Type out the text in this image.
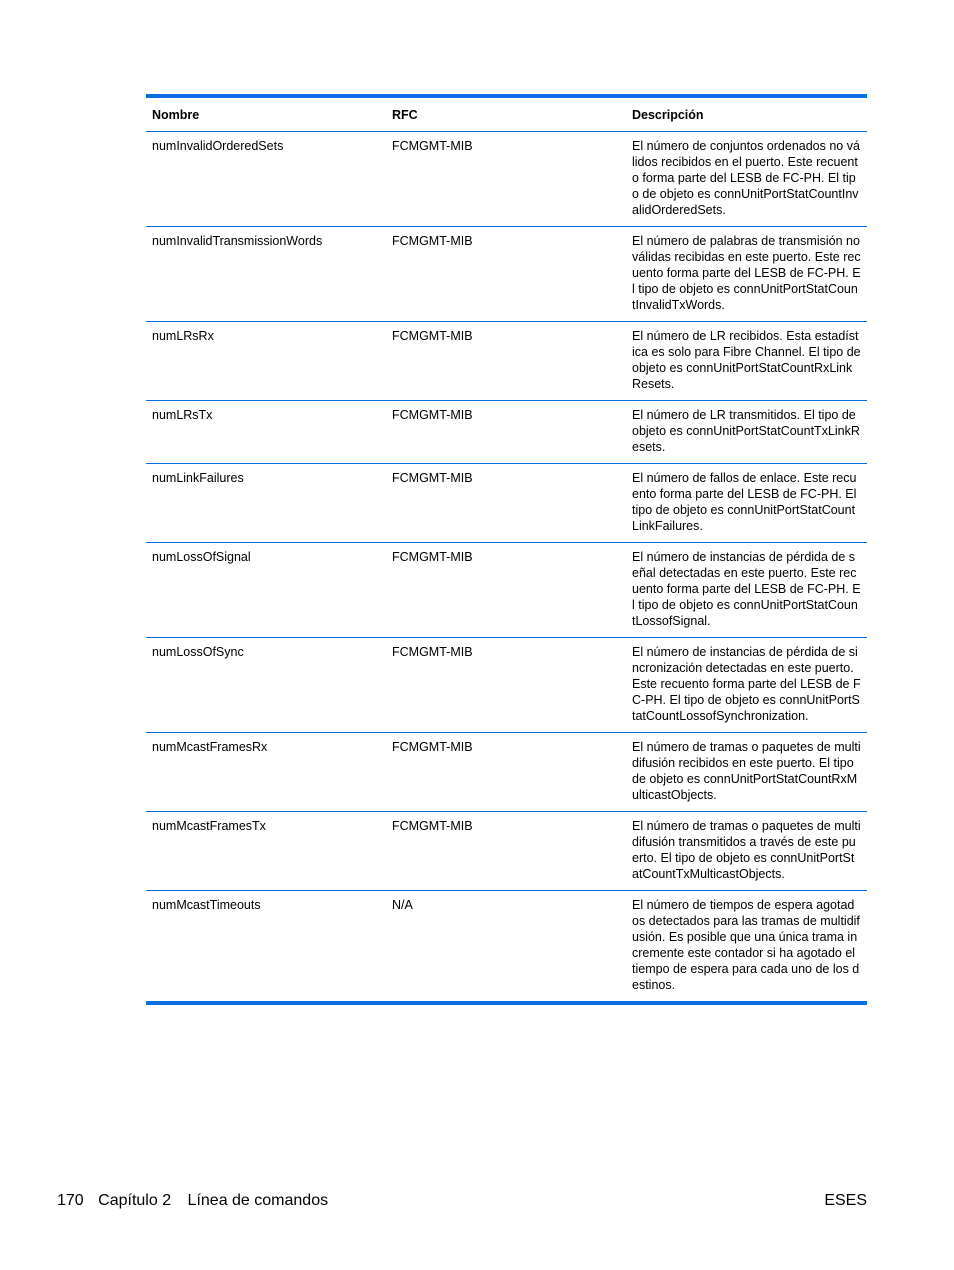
Nombre	RFC	Descripción
numInvalidOrderedSets	FCMGMT-MIB	El número de conjuntos ordenados no válidos recibidos en el puerto. Este recuento forma parte del LESB de FC-PH. El tipo de objeto es connUnitPortStatCountInvalidOrderedSets.
numInvalidTransmissionWords	FCMGMT-MIB	El número de palabras de transmisión no válidas recibidas en este puerto. Este recuento forma parte del LESB de FC-PH. El tipo de objeto es connUnitPortStatCountInvalidTxWords.
numLRsRx	FCMGMT-MIB	El número de LR recibidos. Esta estadística es solo para Fibre Channel. El tipo de objeto es connUnitPortStatCountRxLinkResets.
numLRsTx	FCMGMT-MIB	El número de LR transmitidos. El tipo de objeto es connUnitPortStatCountTxLinkResets.
numLinkFailures	FCMGMT-MIB	El número de fallos de enlace. Este recuento forma parte del LESB de FC-PH. El tipo de objeto es connUnitPortStatCountLinkFailures.
numLossOfSignal	FCMGMT-MIB	El número de instancias de pérdida de señal detectadas en este puerto. Este recuento forma parte del LESB de FC-PH. El tipo de objeto es connUnitPortStatCountLossofSignal.
numLossOfSync	FCMGMT-MIB	El número de instancias de pérdida de sincronización detectadas en este puerto. Este recuento forma parte del LESB de FC-PH. El tipo de objeto es connUnitPortStatCountLossofSynchronization.
numMcastFramesRx	FCMGMT-MIB	El número de tramas o paquetes de multidifusión recibidos en este puerto. El tipo de objeto es connUnitPortStatCountRxMulticastObjects.
numMcastFramesTx	FCMGMT-MIB	El número de tramas o paquetes de multidifusión transmitidos a través de este puerto. El tipo de objeto es connUnitPortStatCountTxMulticastObjects.
numMcastTimeouts	N/A	El número de tiempos de espera agotados detectados para las tramas de multidifusión. Es posible que una única trama incremente este contador si ha agotado el tiempo de espera para cada uno de los destinos.
170 Capítulo 2 Línea de comandos	ESES
